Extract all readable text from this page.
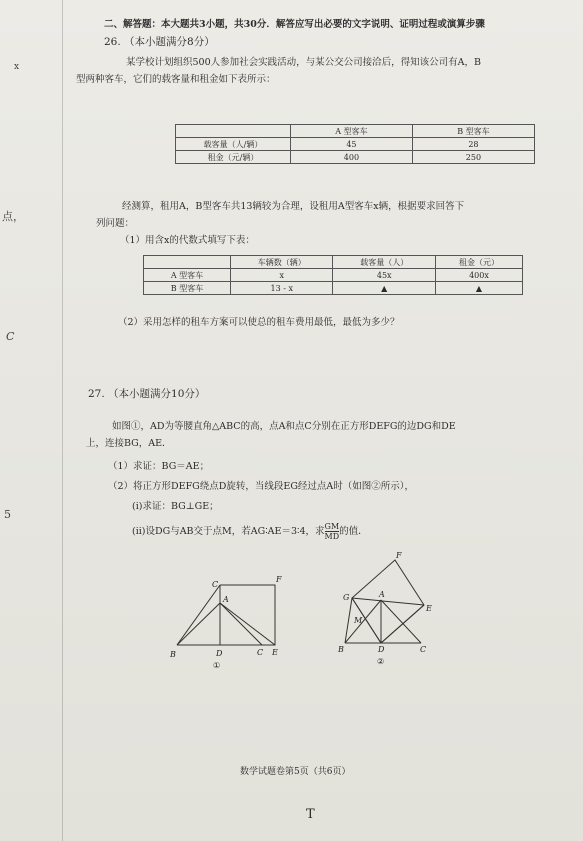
x
点，
C
5
二、解答题：本大题共3小题，共30分．解答应写出必要的文字说明、证明过程或演算步骤
26. （本小题满分8分）
某学校计划组织500人参加社会实践活动，与某公交公司接洽后，得知该公司有A，B
型两种客车，它们的载客量和租金如下表所示：
	A 型客车	B 型客车
载客量（人/辆）	45	28
租金（元/辆）	400	250
经测算，租用A，B型客车共13辆较为合理，设租用A型客车x辆，根据要求回答下
列问题：
（1）用含x的代数式填写下表：
	车辆数（辆）	载客量（人）	租金（元）
A 型客车	x	45x	400x
B 型客车	13 - x	▲	▲
（2）采用怎样的租车方案可以使总的租车费用最低，最低为多少？
27. （本小题满分10分）
如图①，AD为等腰直角△ABC的高，点A和点C分别在正方形DEFG的边DG和DE
上，连接BG，AE．
（1）求证：BG＝AE；
（2）将正方形DEFG绕点D旋转，当线段EG经过点A时（如图②所示），
(i)求证：BG⊥GE；
(ii)设DG与AB交于点M，若AG∶AE＝3∶4，求 $\frac{GM}{MD}$ 的值．
C
F
A
B	D	C E
①
F
G	A
E
M
B	D	C
②
数学试题卷第5页（共6页）
T
